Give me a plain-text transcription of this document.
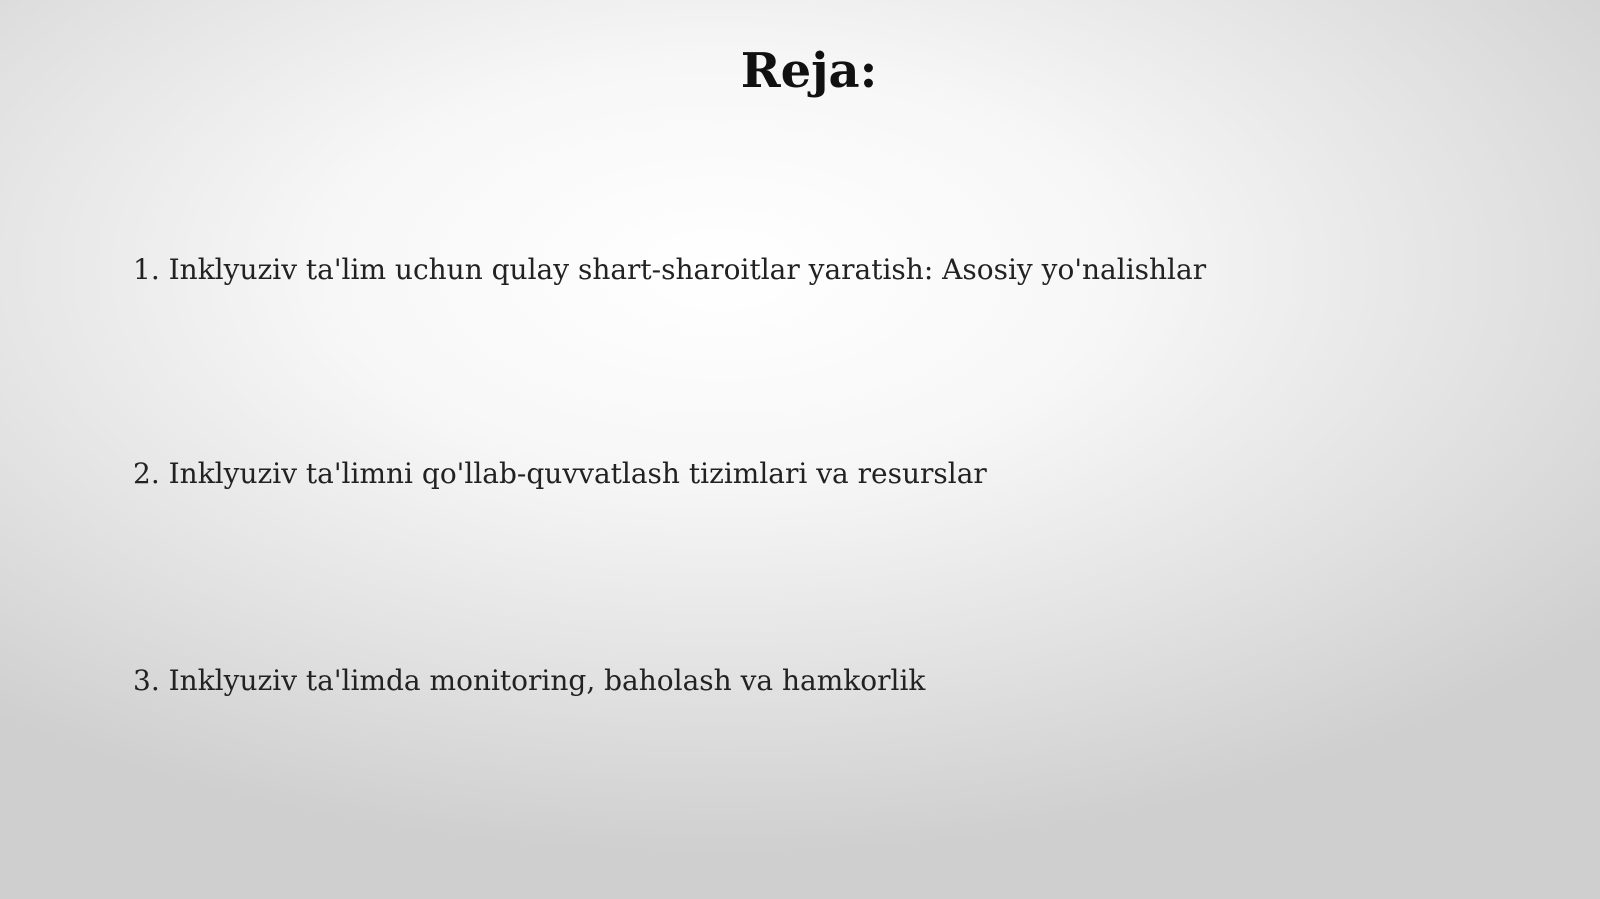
Reja:
1. Inklyuziv ta'lim uchun qulay shart-sharoitlar yaratish: Asosiy yo'nalishlar
2. Inklyuziv ta'limni qo'llab-quvvatlash tizimlari va resurslar
3. Inklyuziv ta'limda monitoring, baholash va hamkorlik
